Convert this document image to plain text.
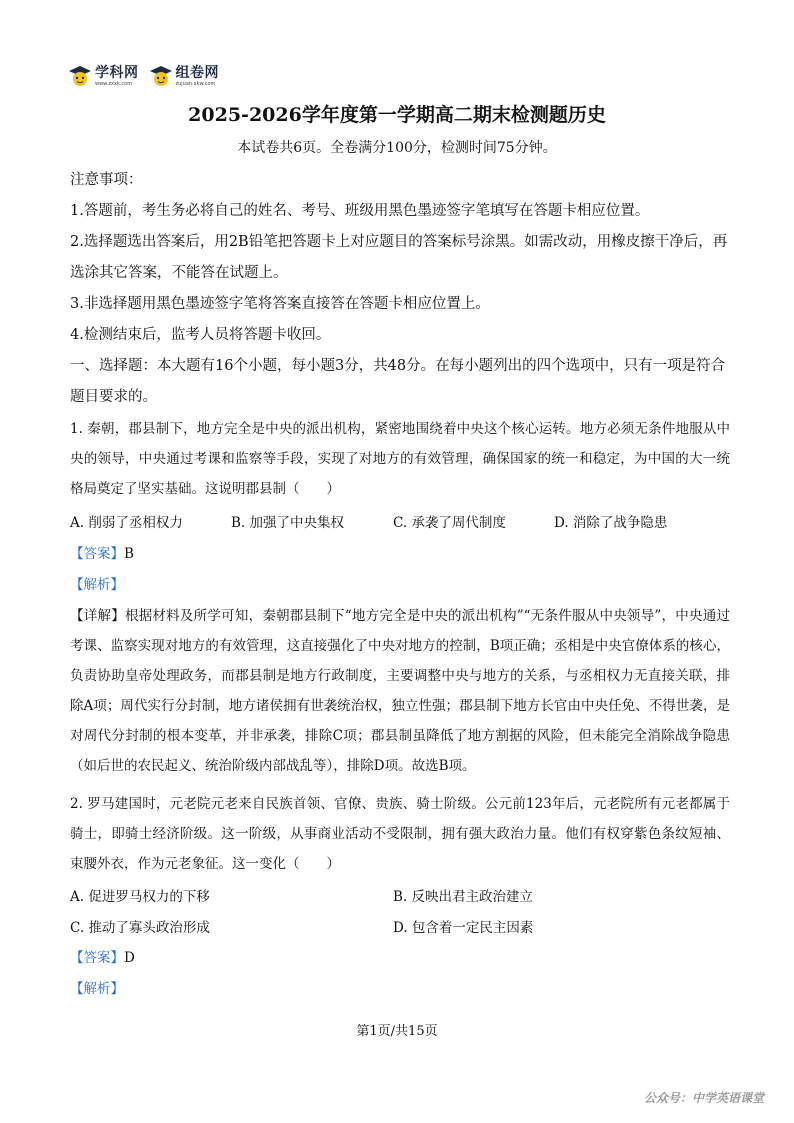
学科网
www.zxxk.com
组卷网
zujuan.xkw.com
2025-2026学年度第一学期高二期末检测题历史
本试卷共6页。全卷满分100分，检测时间75分钟。
注意事项：
1.答题前，考生务必将自己的姓名、考号、班级用黑色墨迹签字笔填写在答题卡相应位置。
2.选择题选出答案后，用2B铅笔把答题卡上对应题目的答案标号涂黑。如需改动，用橡皮擦干净后，再选涂其它答案，不能答在试题上。
3.非选择题用黑色墨迹签字笔将答案直接答在答题卡相应位置上。
4.检测结束后，监考人员将答题卡收回。
一、选择题：本大题有16个小题，每小题3分，共48分。在每小题列出的四个选项中，只有一项是符合题目要求的。
1. 秦朝，郡县制下，地方完全是中央的派出机构，紧密地围绕着中央这个核心运转。地方必须无条件地服从中央的领导，中央通过考课和监察等手段，实现了对地方的有效管理，确保国家的统一和稳定，为中国的大一统格局奠定了坚实基础。这说明郡县制（　　）
A. 削弱了丞相权力	B. 加强了中央集权	C. 承袭了周代制度	D. 消除了战争隐患
【答案】B
【解析】
【详解】根据材料及所学可知，秦朝郡县制下“地方完全是中央的派出机构”“无条件服从中央领导”，中央通过考课、监察实现对地方的有效管理，这直接强化了中央对地方的控制，B项正确；丞相是中央官僚体系的核心，负责协助皇帝处理政务，而郡县制是地方行政制度，主要调整中央与地方的关系，与丞相权力无直接关联，排除A项；周代实行分封制，地方诸侯拥有世袭统治权，独立性强；郡县制下地方长官由中央任免、不得世袭，是对周代分封制的根本变革，并非承袭，排除C项；郡县制虽降低了地方割据的风险，但未能完全消除战争隐患（如后世的农民起义、统治阶级内部战乱等），排除D项。故选B项。
2. 罗马建国时，元老院元老来自民族首领、官僚、贵族、骑士阶级。公元前123年后，元老院所有元老都属于骑士，即骑士经济阶级。这一阶级，从事商业活动不受限制，拥有强大政治力量。他们有权穿紫色条纹短袖、束腰外衣，作为元老象征。这一变化（　　）
A. 促进罗马权力的下移	B. 反映出君主政治建立
C. 推动了寡头政治形成	D. 包含着一定民主因素
【答案】D
【解析】
第1页/共15页
公众号：中学英语课堂
